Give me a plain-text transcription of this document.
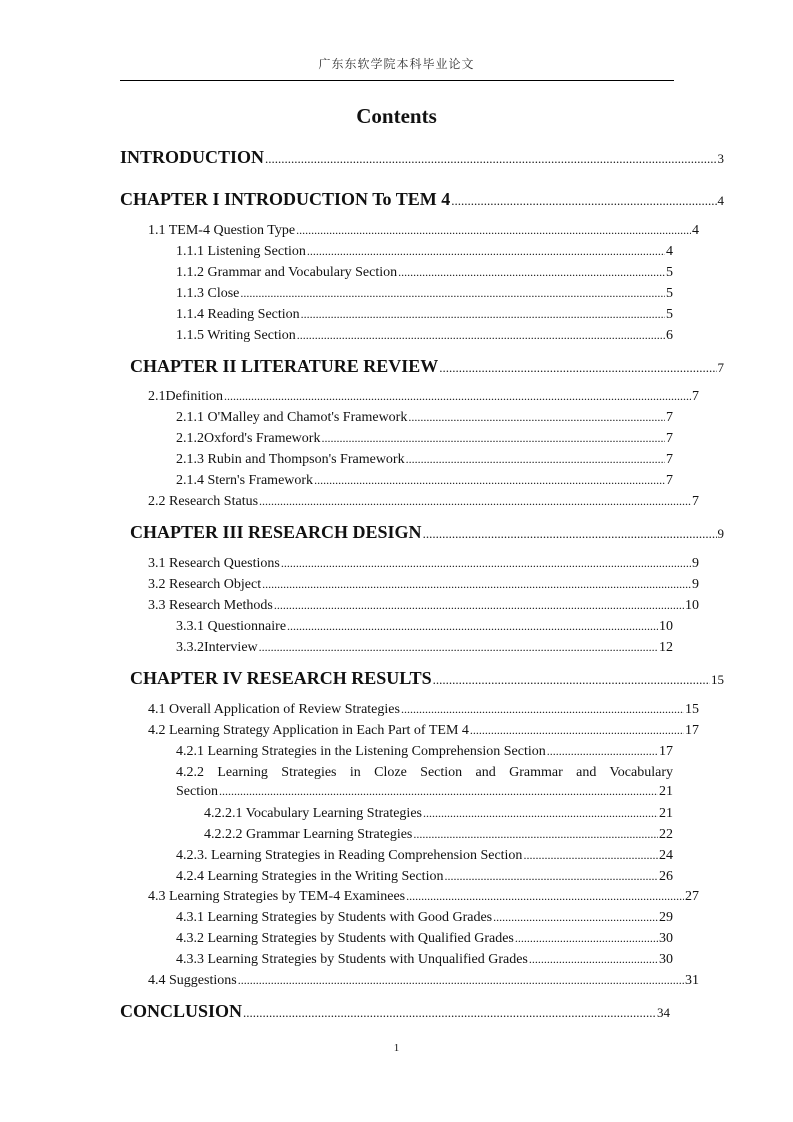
广东东软学院本科毕业论文
Contents
INTRODUCTION .....	3
CHAPTER I INTRODUCTION To TEM 4 .....	4
1.1 TEM-4 Question Type .....	4
1.1.1 Listening Section .....	4
1.1.2 Grammar and Vocabulary Section .....	5
1.1.3 Close .....	5
1.1.4 Reading Section .....	5
1.1.5 Writing Section .....	6
CHAPTER II LITERATURE REVIEW .....	7
2.1Definition .....	7
2.1.1 O'Malley and Chamot's Framework .....	7
2.1.2Oxford's Framework .....	7
2.1.3 Rubin and Thompson's Framework .....	7
2.1.4 Stern's Framework .....	7
2.2 Research Status .....	7
CHAPTER III RESEARCH DESIGN .....	9
3.1 Research Questions .....	9
3.2 Research Object .....	9
3.3 Research Methods .....	10
3.3.1 Questionnaire .....	10
3.3.2Interview .....	12
CHAPTER IV RESEARCH RESULTS .....	15
4.1 Overall Application of Review Strategies .....	15
4.2 Learning Strategy Application in Each Part of TEM 4 .....	17
4.2.1 Learning Strategies in the Listening Comprehension Section .....	17
4.2.2 Learning Strategies in Cloze Section and Grammar and Vocabulary
Section .....	21
4.2.2.1 Vocabulary Learning Strategies .....	21
4.2.2.2 Grammar Learning Strategies .....	22
4.2.3. Learning Strategies in Reading Comprehension Section .....	24
4.2.4 Learning Strategies in the Writing Section .....	26
4.3 Learning Strategies by TEM-4 Examinees .....	27
4.3.1 Learning Strategies by Students with Good Grades .....	29
4.3.2 Learning Strategies by Students with Qualified Grades .....	30
4.3.3 Learning Strategies by Students with Unqualified Grades .....	30
4.4 Suggestions .....	31
CONCLUSION .....	34
1
